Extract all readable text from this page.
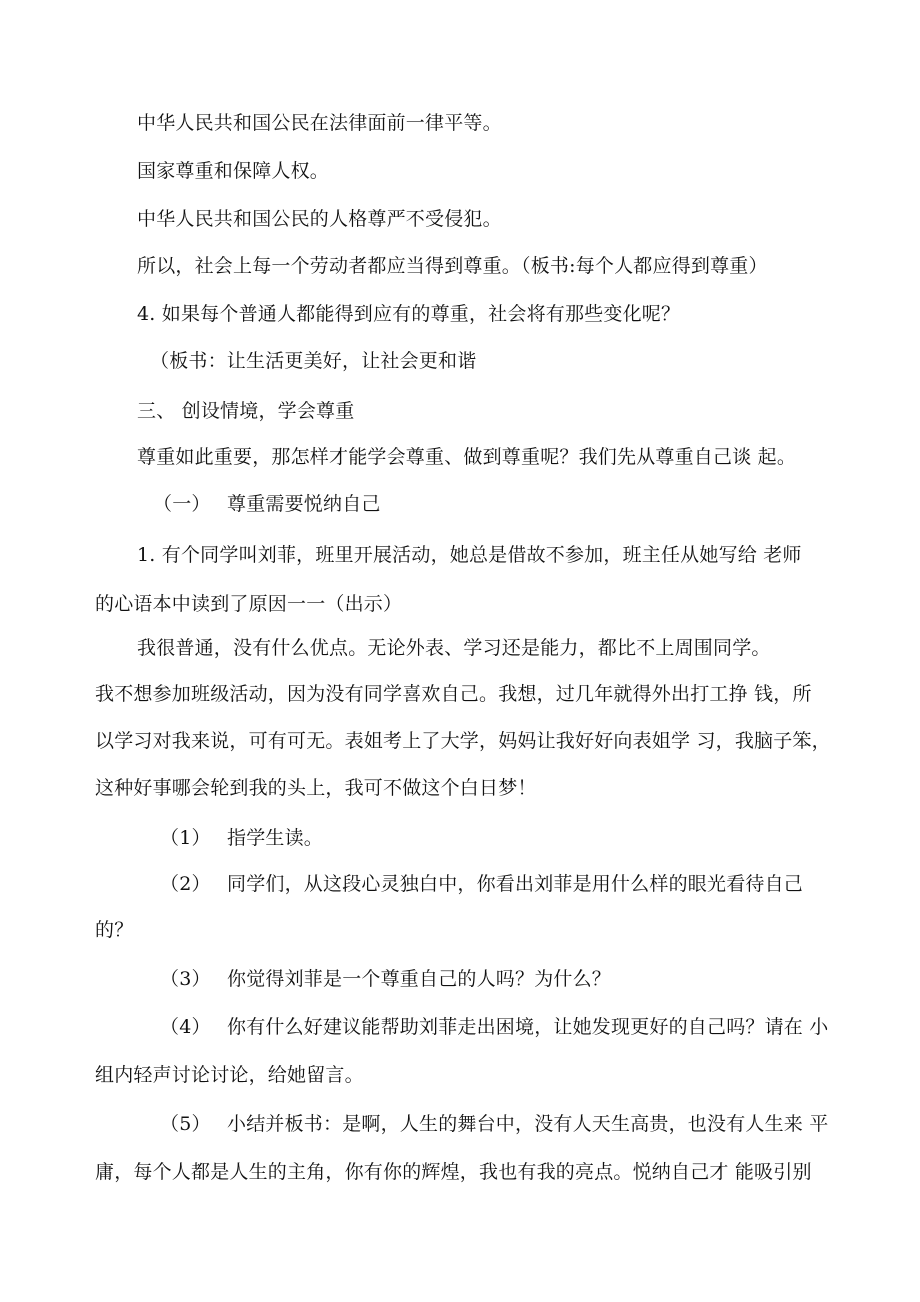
中华人民共和国公民在法律面前一律平等。
国家尊重和保障人权。
中华人民共和国公民的人格尊严不受侵犯。
所以，社会上每一个劳动者都应当得到尊重。（板书:每个人都应得到尊重）
4. 如果每个普通人都能得到应有的尊重，社会将有那些变化呢？
（板书：让生活更美好，让社会更和谐
三、 创设情境，学会尊重
尊重如此重要，那怎样才能学会尊重、做到尊重呢？我们先从尊重自己谈 起。
（一） 尊重需要悦纳自己
1. 有个同学叫刘菲，班里开展活动，她总是借故不参加，班主任从她写给 老师
的心语本中读到了原因一一（出示）
我很普通，没有什么优点。无论外表、学习还是能力，都比不上周围同学。
我不想参加班级活动，因为没有同学喜欢自己。我想，过几年就得外出打工挣 钱，所
以学习对我来说，可有可无。表姐考上了大学，妈妈让我好好向表姐学 习，我脑子笨，
这种好事哪会轮到我的头上，我可不做这个白日梦！
（1） 指学生读。
（2） 同学们，从这段心灵独白中，你看出刘菲是用什么样的眼光看待自己
的？
（3） 你觉得刘菲是一个尊重自己的人吗？为什么？
（4） 你有什么好建议能帮助刘菲走出困境，让她发现更好的自己吗？请在 小
组内轻声讨论讨论，给她留言。
（5） 小结并板书：是啊，人生的舞台中，没有人天生高贵，也没有人生来 平
庸，每个人都是人生的主角，你有你的辉煌，我也有我的亮点。悦纳自己才 能吸引别
